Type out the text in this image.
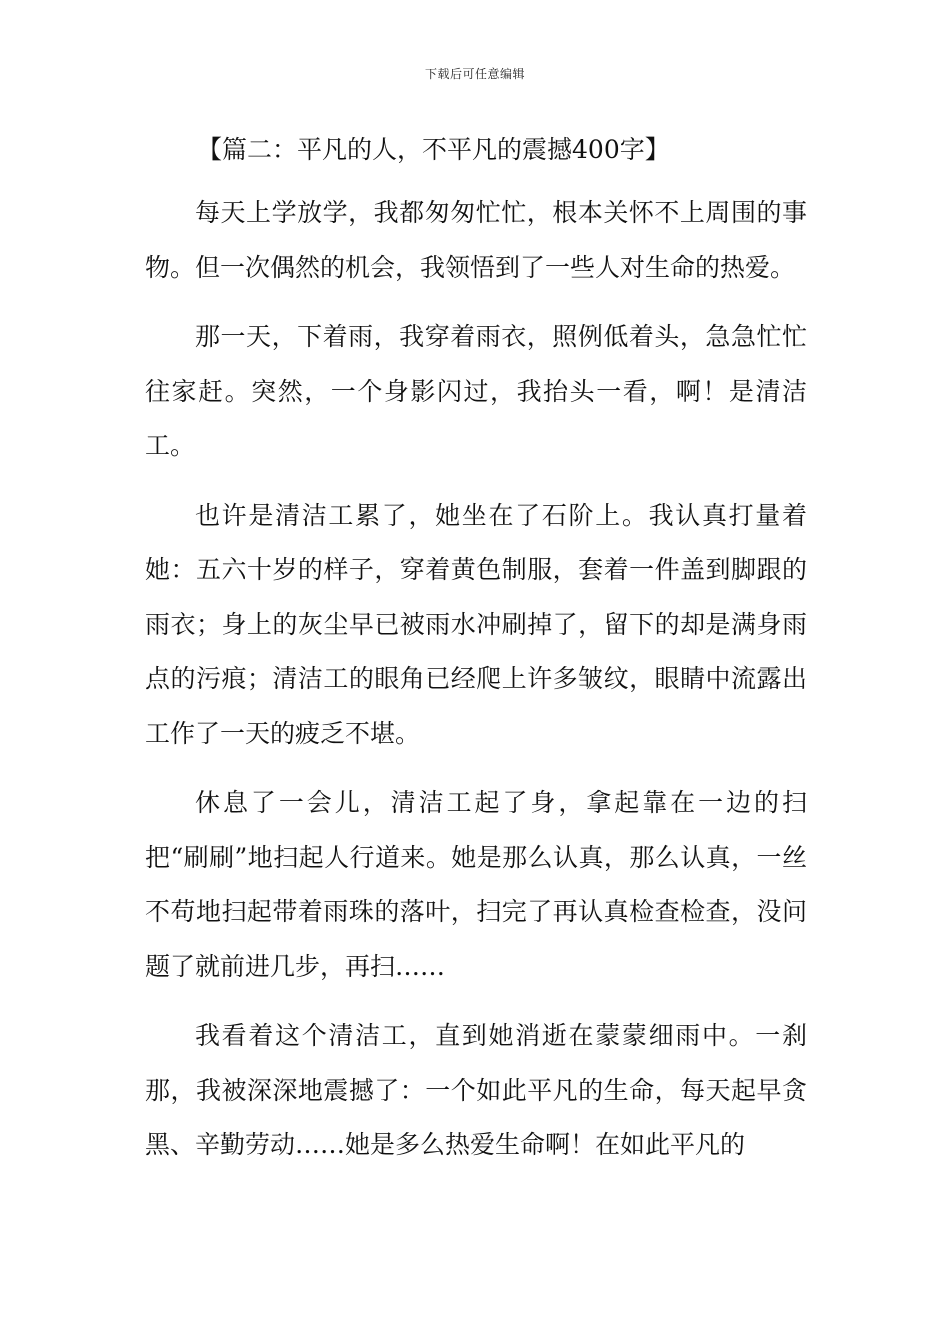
下载后可任意编辑
【篇二：平凡的人，不平凡的震撼400字】

每天上学放学，我都匆匆忙忙，根本关怀不上周围的事物。但一次偶然的机会，我领悟到了一些人对生命的热爱。

那一天，下着雨，我穿着雨衣，照例低着头，急急忙忙往家赶。突然，一个身影闪过，我抬头一看，啊！是清洁工。

也许是清洁工累了，她坐在了石阶上。我认真打量着她：五六十岁的样子，穿着黄色制服，套着一件盖到脚跟的雨衣；身上的灰尘早已被雨水冲刷掉了，留下的却是满身雨点的污痕；清洁工的眼角已经爬上许多皱纹，眼睛中流露出工作了一天的疲乏不堪。

休息了一会儿，清洁工起了身，拿起靠在一边的扫把“刷刷”地扫起人行道来。她是那么认真，那么认真，一丝不苟地扫起带着雨珠的落叶，扫完了再认真检查检查，没问题了就前进几步，再扫……

我看着这个清洁工，直到她消逝在蒙蒙细雨中。一刹那，我被深深地震撼了：一个如此平凡的生命，每天起早贪黑、辛勤劳动……她是多么热爱生命啊！在如此平凡的
